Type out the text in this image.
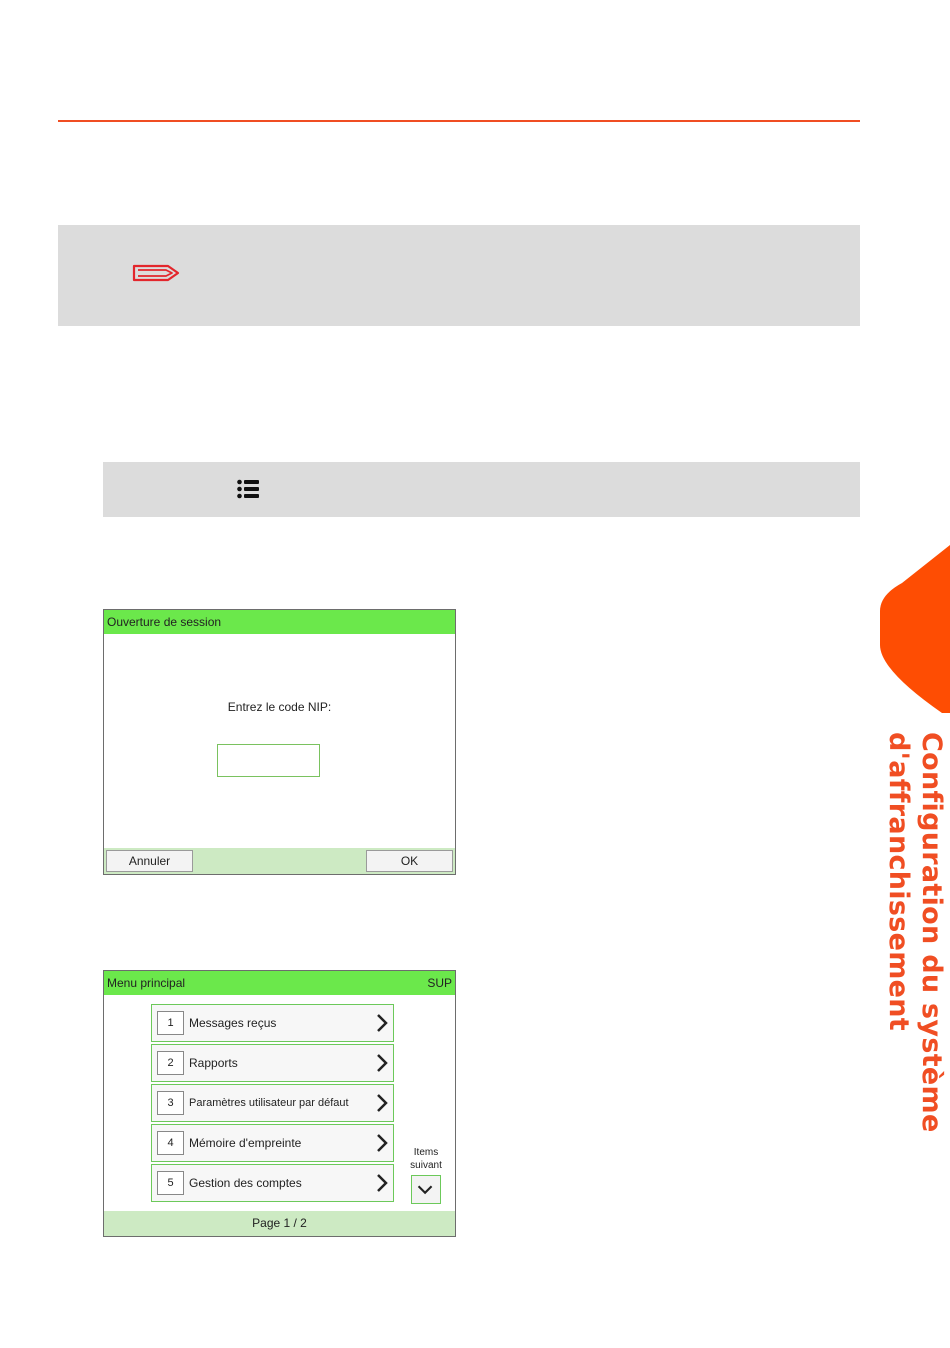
Configuration du système
d'affranchissement
Ouverture de session
Entrez le code NIP:
Annuler	OK
Menu principal	SUP
1	Messages reçus
2	Rapports
3	Paramètres utilisateur par défaut
4	Mémoire d'empreinte
5	Gestion des comptes
Items
suivant
Page 1 / 2
